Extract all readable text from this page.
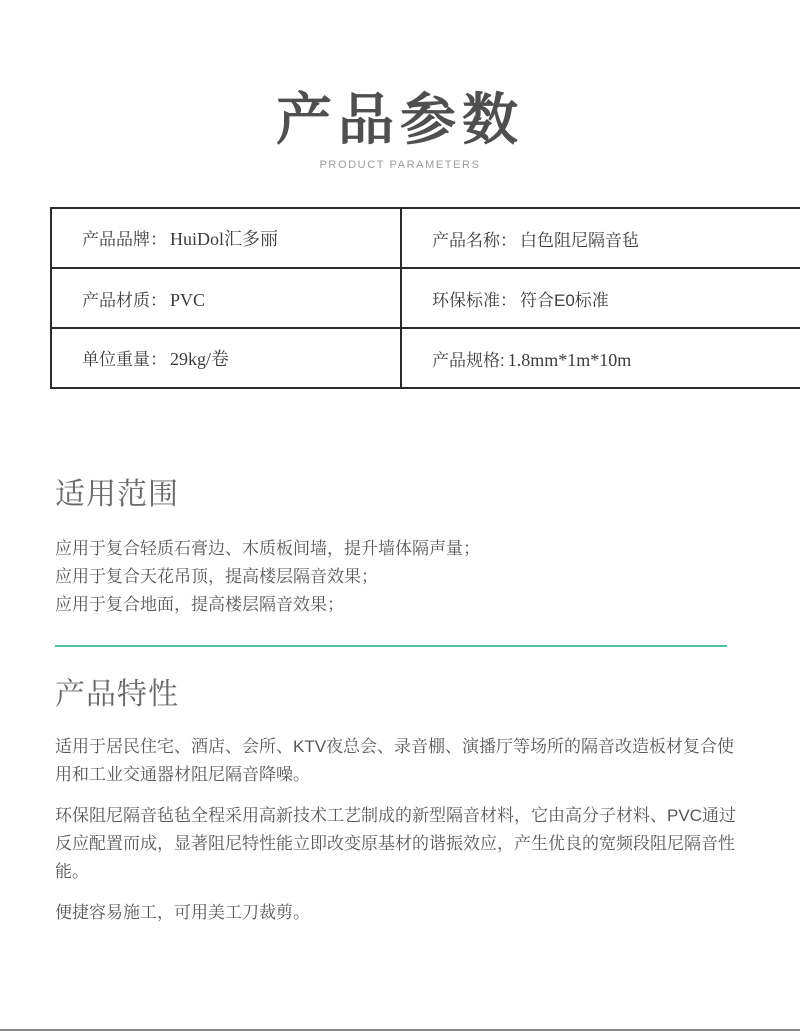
产品参数
PRODUCT PARAMETERS
产品品牌： HuiDol汇多丽	产品名称： 白色阻尼隔音毡
产品材质： PVC	环保标准： 符合E0标准
单位重量： 29kg/卷	产品规格: 1.8mm*1m*10m
适用范围
应用于复合轻质石膏边、木质板间墙，提升墙体隔声量；
应用于复合天花吊顶，提高楼层隔音效果；
应用于复合地面，提高楼层隔音效果；
产品特性

适用于居民住宅、酒店、会所、KTV夜总会、录音棚、演播厅等场所的隔音改造板材复合使用和工业交通器材阻尼隔音降噪。

环保阻尼隔音毡毡全程采用高新技术工艺制成的新型隔音材料，它由高分子材料、PVC通过反应配置而成，显著阻尼特性能立即改变原基材的谐振效应，产生优良的宽频段阻尼隔音性能。

便捷容易施工，可用美工刀裁剪。
